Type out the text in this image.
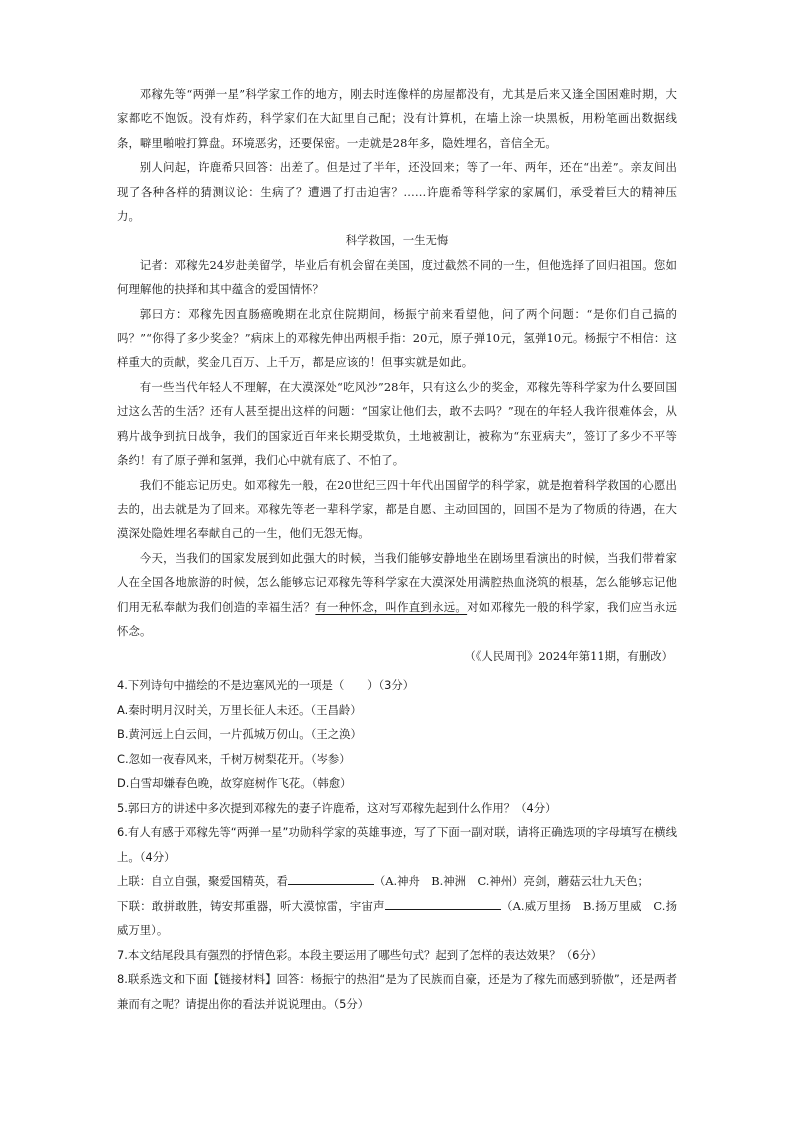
邓稼先等“两弹一星”科学家工作的地方，刚去时连像样的房屋都没有，尤其是后来又逢全国困难时期，大家都吃不饱饭。没有炸药，科学家们在大缸里自己配；没有计算机，在墙上涂一块黑板，用粉笔画出数据线条，噼里啪啦打算盘。环境恶劣，还要保密。一走就是28年多，隐姓埋名，音信全无。

别人问起，许鹿希只回答：出差了。但是过了半年，还没回来；等了一年、两年，还在“出差”。亲友间出现了各种各样的猜测议论：生病了？遭遇了打击迫害？……许鹿希等科学家的家属们，承受着巨大的精神压力。

科学救国，一生无悔

记者：邓稼先24岁赴美留学，毕业后有机会留在美国，度过截然不同的一生，但他选择了回归祖国。您如何理解他的抉择和其中蕴含的爱国情怀？

郭曰方：邓稼先因直肠癌晚期在北京住院期间，杨振宁前来看望他，问了两个问题：“是你们自己搞的吗？”“你得了多少奖金？”病床上的邓稼先伸出两根手指：20元，原子弹10元，氢弹10元。杨振宁不相信：这样重大的贡献，奖金几百万、上千万，都是应该的！但事实就是如此。

有一些当代年轻人不理解，在大漠深处“吃风沙”28年，只有这么少的奖金，邓稼先等科学家为什么要回国过这么苦的生活？还有人甚至提出这样的问题：“国家让他们去，敢不去吗？”现在的年轻人我许很难体会，从鸦片战争到抗日战争，我们的国家近百年来长期受欺负，土地被割让，被称为“东亚病夫”，签订了多少不平等条约！有了原子弹和氢弹，我们心中就有底了、不怕了。

我们不能忘记历史。如邓稼先一般，在20世纪三四十年代出国留学的科学家，就是抱着科学救国的心愿出去的，出去就是为了回来。邓稼先等老一辈科学家，都是自愿、主动回国的，回国不是为了物质的待遇，在大漠深处隐姓埋名奉献自己的一生，他们无怨无悔。

今天，当我们的国家发展到如此强大的时候，当我们能够安静地坐在剧场里看演出的时候，当我们带着家人在全国各地旅游的时候，怎么能够忘记邓稼先等科学家在大漠深处用满腔热血浇筑的根基，怎么能够忘记他们用无私奉献为我们创造的幸福生活？有一种怀念，叫作直到永远。对如邓稼先一般的科学家，我们应当永远怀念。

（《人民周刊》2024年第11期，有删改）

4.下列诗句中描绘的不是边塞风光的一项是（　　）（3分）

A.秦时明月汉时关，万里长征人未还。（王昌龄）

B.黄河远上白云间，一片孤城万仞山。（王之涣）

C.忽如一夜春风来，千树万树梨花开。（岑参）

D.白雪却嫌春色晚，故穿庭树作飞花。（韩愈）

5.郭曰方的讲述中多次提到邓稼先的妻子许鹿希，这对写邓稼先起到什么作用？（4分）

6.有人有感于邓稼先等“两弹一星”功勋科学家的英雄事迹，写了下面一副对联，请将正确选项的字母填写在横线上。（4分）

上联：自立自强，聚爱国精英，看	（A.神舟　B.神洲　C.神州）亮剑，蘑菇云壮九天色；

下联：敢拼敢胜，铸安邦重器，听大漠惊雷，宇宙声	（A.威万里扬　B.扬万里威　C.扬威万里）。

7.本文结尾段具有强烈的抒情色彩。本段主要运用了哪些句式？起到了怎样的表达效果？（6分）

8.联系选文和下面【链接材料】回答：杨振宁的热泪“是为了民族而自豪，还是为了稼先而感到骄傲”，还是两者兼而有之呢？请提出你的看法并说说理由。（5分）
